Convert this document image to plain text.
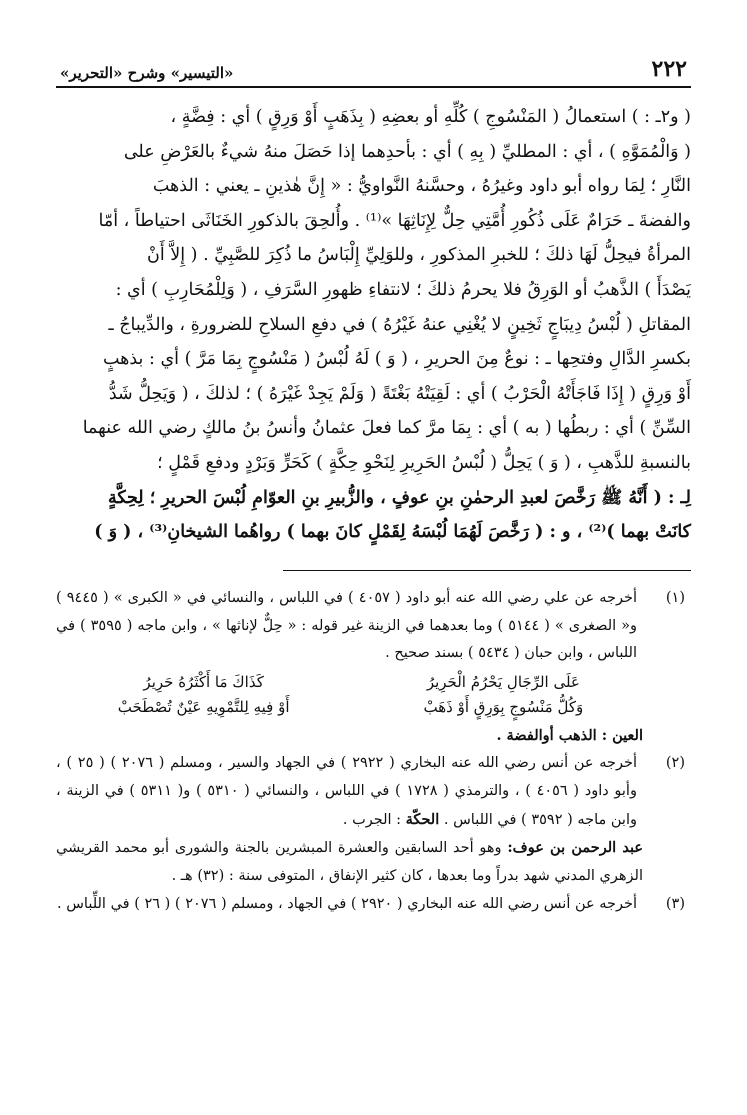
٢٢٢
«التيسير» وشرح «التحرير»

( و٢ـ : ) استعمالُ ( المَنْسُوجِ ) كُلِّهِ أو بعضِهِ ( بِذَهَبٍ أَوْ وَرِقٍ ) أي : فِضَّةٍ ،

( وَالْمُمَوَّهِ ) ، أي : المطليِّ ( بِهِ ) أي : بأحدِهما إذا حَصَلَ منهُ شيءٌ بالعَرْضِ على

النَّارِ ؛ لِمَا رواه أبو داود وغيرُهُ ، وحسَّنهُ النَّواويُّ : « إِنَّ هٰذينِ ـ يعني : الذهبَ

والفضةَ ـ حَرَامٌ عَلَى ذُكُورِ أُمَّتِي حِلٌّ لِإِنَاثِهَا »⁽¹⁾ . وأُلحِقَ بالذكورِ الخَنَاثَى احتياطاً ، أمّا

المرأةُ فيحِلُّ لَهَا ذلكَ ؛ للخبرِ المذكورِ ، وللوَلِيِّ إِلْبَاسُ ما ذُكِرَ للصَّبِيِّ . ( إِلاَّ أَنْ

يَصْدَأَ ) الذَّهبُ أو الوَرِقُ فلا يحرمُ ذلكَ ؛ لانتفاءِ ظهورِ السَّرَفِ ، ( وَلِلْمُحَارِبِ ) أي :

المقاتلِ ( لُبْسُ دِيبَاجٍ ثَخِينٍ لا يُغْنِي عنهُ غَيْرُهُ ) في دفعِ السلاحِ للضرورةِ ، والدِّيباجُ ـ

بكسرِ الدَّالِ وفتحِها ـ : نوعٌ مِنَ الحريرِ ، ( وَ ) لَهُ لُبْسُ ( مَنْسُوجٍ بِمَا مَرَّ ) أي : بذهبٍ

أَوْ وَرِقٍ ( إِذَا فَاجَأَتْهُ الْحَرْبُ ) أي : لَقِيَتْهُ بَغْتَةً ( وَلَمْ يَجِدْ غَيْرَهُ ) ؛ لذلكَ ، ( وَيَحِلُّ شَدُّ

السِّنِّ ) أي : ربطُها ( به ) أي : بِمَا مرَّ كما فعلَ عثمانُ وأنسُ بنُ مالكٍ رضي الله عنهما

بالنسبةِ للذَّهبِ ، ( وَ ) يَحِلُّ ( لُبْسُ الحَرِيرِ لِنَحْوِ حِكَّةٍ ) كَحَرٍّ وَبَرْدٍ ودفعِ قَمْلٍ ؛

لِـ : ( أَنَّهُ ﷺ رَخَّصَ لعبدِ الرحمٰنِ بنِ عوفٍ ، والزُّبيرِ بنِ العوّامِ لُبْسَ الحريرِ ؛ لِحِكَّةٍ

كانَتْ بهما )⁽²⁾ ، و : ( رَخَّصَ لَهُمَا لُبْسَهُ لِقَمْلٍ كانَ بهما ) رواهُما الشيخانِ⁽³⁾ ، ( وَ )

(١)
أخرجه عن علي رضي الله عنه أبو داود ( ٤٠٥٧ ) في اللباس ، والنسائي في « الكبرى » ( ٩٤٤٥ ) و« الصغرى » ( ٥١٤٤ ) وما بعدهما في الزينة غير قوله : « حِلٌّ لإناثها » ، وابن ماجه ( ٣٥٩٥ ) في اللباس ، وابن حبان ( ٥٤٣٤ ) بسند صحيح .
عَلَى الرِّجَالِ يَحْرُمُ الْحَرِيرُ
كَذَاكَ مَا أَكْثَرُهُ حَرِيرُ
وَكُلُّ مَنْسُوجٍ بِوَرِقٍ أَوْ ذَهَبْ
أَوْ فِيهِ لِلتَّمْوِيهِ عَيْنٌ تُصْطَحَبْ
العين : الذهب أوالفضة .
(٢)
أخرجه عن أنس رضي الله عنه البخاري ( ٢٩٢٢ ) في الجهاد والسير ، ومسلم ( ٢٠٧٦ ) ( ٢٥ ) ، وأبو داود ( ٤٠٥٦ ) ، والترمذي ( ١٧٢٨ ) في اللباس ، والنسائي ( ٥٣١٠ ) و( ٥٣١١ ) في الزينة ، وابن ماجه ( ٣٥٩٢ ) في اللباس . الحكّة : الجرب .
عبد الرحمن بن عوف: وهو أحد السابقين والعشرة المبشرين بالجنة والشورى أبو محمد القريشي الزهري المدني شهد بدراً وما بعدها ، كان كثير الإنفاق ، المتوفى سنة : (٣٢) هـ .
(٣)
أخرجه عن أنس رضي الله عنه البخاري ( ٢٩٢٠ ) في الجهاد ، ومسلم ( ٢٠٧٦ ) ( ٢٦ ) في اللِّباس .
